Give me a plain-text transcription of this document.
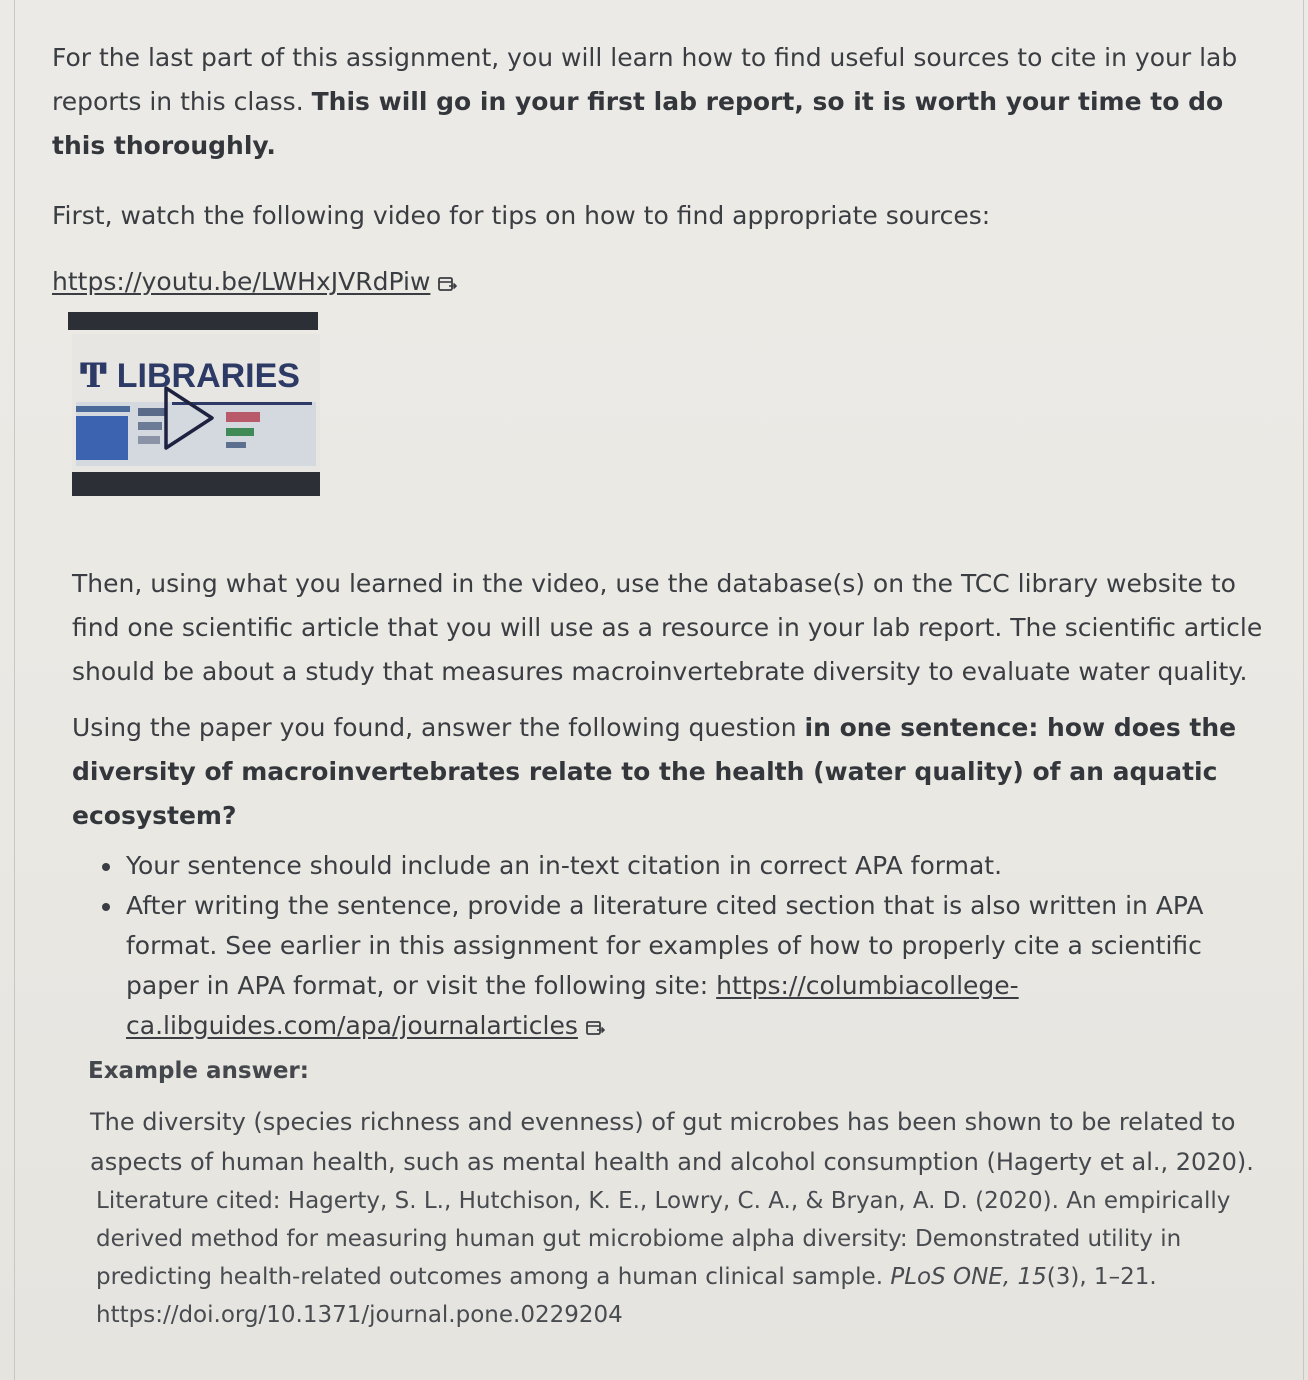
For the last part of this assignment, you will learn how to find useful sources to cite in your lab reports in this class. This will go in your first lab report, so it is worth your time to do this thoroughly.

First, watch the following video for tips on how to find appropriate sources:

https://youtu.be/LWHxJVRdPiw

Ͳ LIBRARIES

Then, using what you learned in the video, use the database(s) on the TCC library website to find one scientific article that you will use as a resource in your lab report. The scientific article should be about a study that measures macroinvertebrate diversity to evaluate water quality.

Using the paper you found, answer the following question in one sentence: how does the diversity of macroinvertebrates relate to the health (water quality) of an aquatic ecosystem?

• Your sentence should include an in-text citation in correct APA format.
• After writing the sentence, provide a literature cited section that is also written in APA format. See earlier in this assignment for examples of how to properly cite a scientific paper in APA format, or visit the following site: https://columbiacollege-ca.libguides.com/apa/journalarticles
Example answer:

The diversity (species richness and evenness) of gut microbes has been shown to be related to aspects of human health, such as mental health and alcohol consumption (Hagerty et al., 2020).

Literature cited: Hagerty, S. L., Hutchison, K. E., Lowry, C. A., & Bryan, A. D. (2020). An empirically derived method for measuring human gut microbiome alpha diversity: Demonstrated utility in predicting health-related outcomes among a human clinical sample. PLoS ONE, 15(3), 1–21. https://doi.org/10.1371/journal.pone.0229204
